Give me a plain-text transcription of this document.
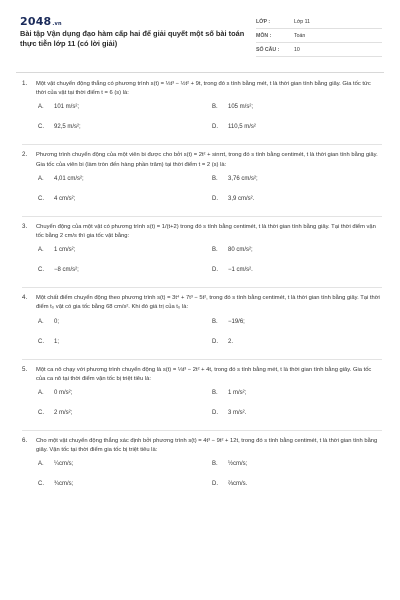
2048.vn
Bài tập Vận dụng đạo hàm cấp hai để giải quyết một số bài toán thực tiễn lớp 11 (có lời giải)
LỚP :	Lớp 11
MÔN :	Toán
SỐ CÂU :	10
1. Một vật chuyển động thẳng có phương trình s(t) = ⅓t³ − ½t² + 9t, trong đó s tính bằng mét, t là thời gian tính bằng giây. Gia tốc tức thời của vật tại thời điểm t = 6 (s) là:
A.	101 m/s²;	B.	105 m/s²;
C.	92,5 m/s²;	D.	110,5 m/s²
2. Phương trình chuyển động của một viên bi được cho bởi s(t) = 2t² + sinπt, trong đó s tính bằng centimét, t là thời gian tính bằng giây. Gia tốc của viên bi (làm tròn đến hàng phần trăm) tại thời điểm t = 2 (s) là:
A.	4,01 cm/s²;	B.	3,76 cm/s²;
C.	4 cm/s²;	D.	3,9 cm/s².
3. Chuyển động của một vật có phương trình s(t) = 1/(t+2) trong đó s tính bằng centimét, t là thời gian tính bằng giây. Tại thời điểm vận tốc bằng 2 cm/s thì gia tốc vật bằng:
A.	1 cm/s²;	B.	80 cm/s²;
C.	−8 cm/s²;	D.	−1 cm/s².
4. Một chất điểm chuyển động theo phương trình s(t) = 3t⁴ + 7t³ − 5t², trong đó s tính bằng centimét, t là thời gian tính bằng giây. Tại thời điểm t₀ vật có gia tốc bằng 68 cm/s². Khi đó giá trị của t₀ là:
A.	0;	B.	−19/6;
C.	1;	D.	2.
5. Một ca nô chạy với phương trình chuyển động là s(t) = ⅓t³ − 2t² + 4t, trong đó s tính bằng mét, t là thời gian tính bằng giây. Gia tốc của ca nô tại thời điểm vận tốc bị triệt tiêu là:
A.	0 m/s²;	B.	1 m/s²;
C.	2 m/s²;	D.	3 m/s².
6. Cho một vật chuyển động thẳng xác định bởi phương trình s(t) = 4t³ − 9t² + 12t, trong đó s tính bằng centimét, t là thời gian tính bằng giây. Vận tốc tại thời điểm gia tốc bị triệt tiêu là:
A.	¼cm/s;	B.	½cm/s;
C.	¾cm/s;	D.	⅔cm/s.
